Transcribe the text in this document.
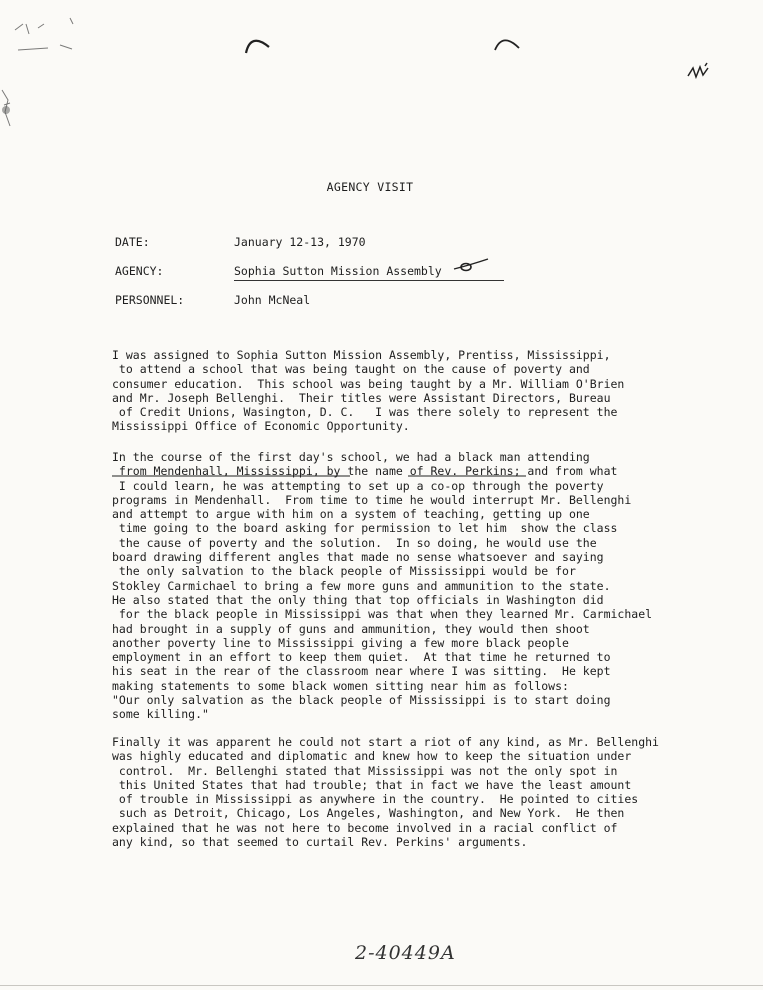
AGENCY VISIT
DATE:	January 12-13, 1970
AGENCY:	Sophia Sutton Mission Assembly
PERSONNEL:	John McNeal
I was assigned to Sophia Sutton Mission Assembly, Prentiss, Mississippi,
to attend a school that was being taught on the cause of poverty and
consumer education.  This school was being taught by a Mr. William O'Brien
and Mr. Joseph Bellenghi.  Their titles were Assistant Directors, Bureau
of Credit Unions, Wasington, D. C.   I was there solely to represent the
Mississippi Office of Economic Opportunity.
In the course of the first day's school, we had a black man attending
from Mendenhall, Mississippi, by the name of Rev. Perkins; and from what
I could learn, he was attempting to set up a co-op through the poverty
programs in Mendenhall.  From time to time he would interrupt Mr. Bellenghi
and attempt to argue with him on a system of teaching, getting up one
time going to the board asking for permission to let him  show the class
the cause of poverty and the solution.  In so doing, he would use the
board drawing different angles that made no sense whatsoever and saying
the only salvation to the black people of Mississippi would be for
Stokley Carmichael to bring a few more guns and ammunition to the state.
He also stated that the only thing that top officials in Washington did
for the black people in Mississippi was that when they learned Mr. Carmichael
had brought in a supply of guns and ammunition, they would then shoot
another poverty line to Mississippi giving a few more black people
employment in an effort to keep them quiet.  At that time he returned to
his seat in the rear of the classroom near where I was sitting.  He kept
making statements to some black women sitting near him as follows:
"Our only salvation as the black people of Mississippi is to start doing
some killing."
Finally it was apparent he could not start a riot of any kind, as Mr. Bellenghi
was highly educated and diplomatic and knew how to keep the situation under
control.  Mr. Bellenghi stated that Mississippi was not the only spot in
this United States that had trouble; that in fact we have the least amount
of trouble in Mississippi as anywhere in the country.  He pointed to cities
such as Detroit, Chicago, Los Angeles, Washington, and New York.  He then
explained that he was not here to become involved in a racial conflict of
any kind, so that seemed to curtail Rev. Perkins' arguments.
2-40449A
